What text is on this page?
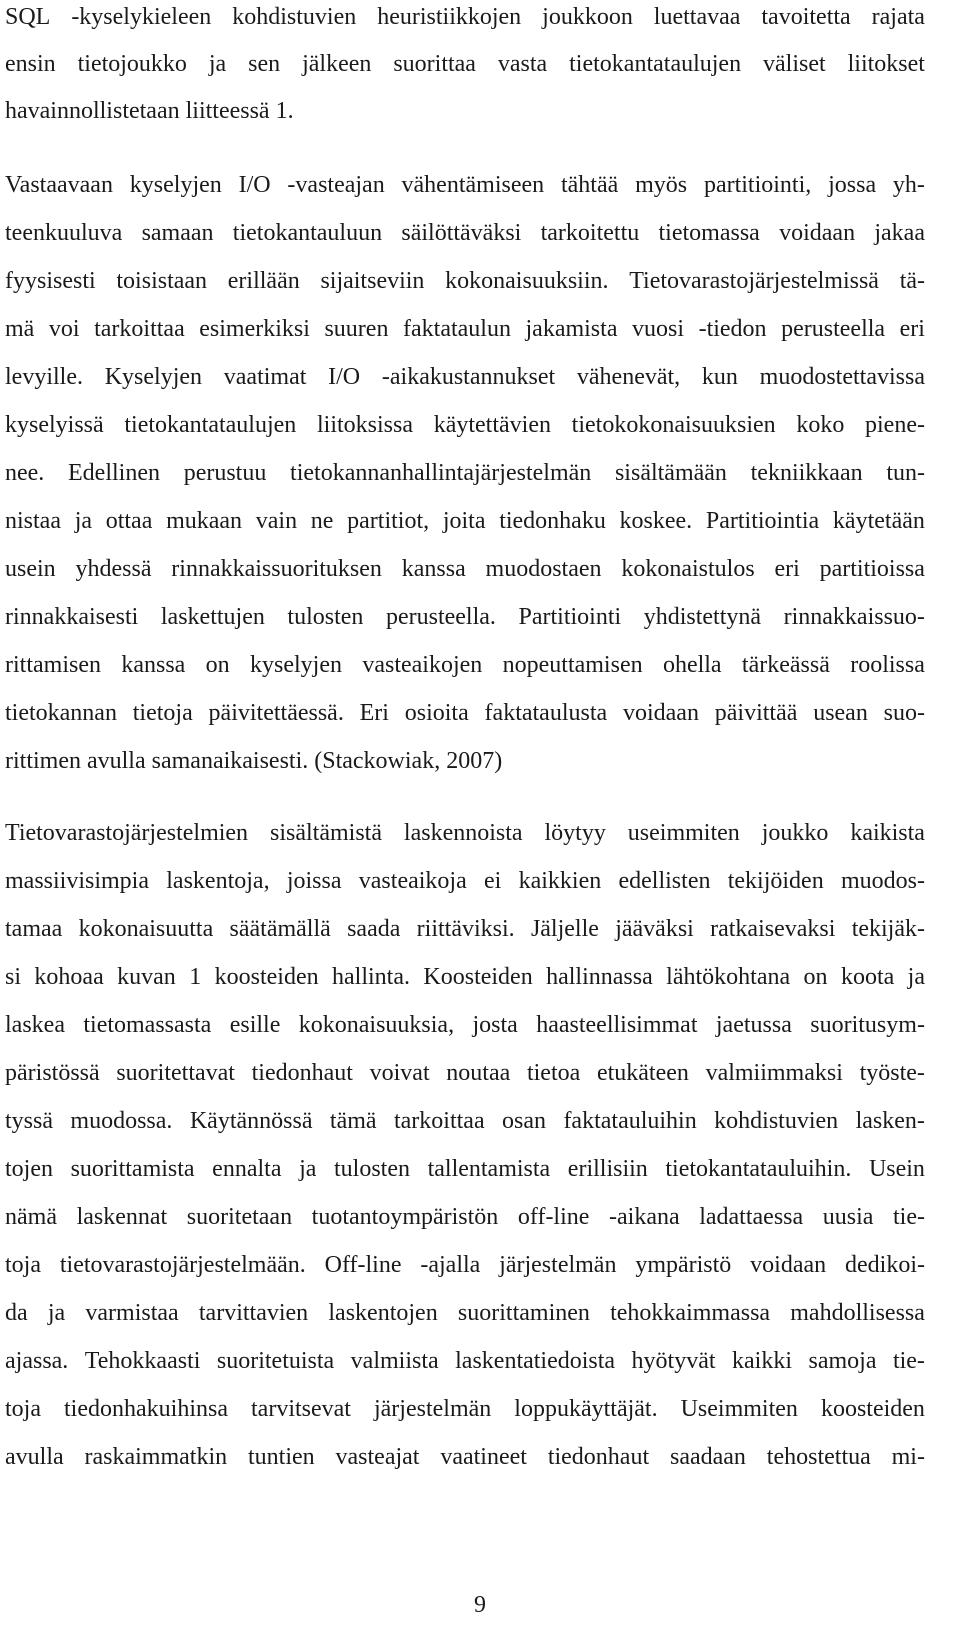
SQL -kyselykieleen kohdistuvien heuristiikkojen joukkoon luettavaa tavoitetta rajata
ensin tietojoukko ja sen jälkeen suorittaa vasta tietokantataulujen väliset liitokset
havainnollistetaan liitteessä 1.
Vastaavaan kyselyjen I/O -vasteajan vähentämiseen tähtää myös partitiointi, jossa yh-
teenkuuluva samaan tietokantauluun säilöttäväksi tarkoitettu tietomassa voidaan jakaa
fyysisesti toisistaan erillään sijaitseviin kokonaisuuksiin. Tietovarastojärjestelmissä tä-
mä voi tarkoittaa esimerkiksi suuren faktataulun jakamista vuosi -tiedon perusteella eri
levyille. Kyselyjen vaatimat I/O -aikakustannukset vähenevät, kun muodostettavissa
kyselyissä tietokantataulujen liitoksissa käytettävien tietokokonaisuuksien koko piene-
nee. Edellinen perustuu tietokannanhallintajärjestelmän sisältämään tekniikkaan tun-
nistaa ja ottaa mukaan vain ne partitiot, joita tiedonhaku koskee. Partitiointia käytetään
usein yhdessä rinnakkaissuorituksen kanssa muodostaen kokonaistulos eri partitioissa
rinnakkaisesti laskettujen tulosten perusteella. Partitiointi yhdistettynä rinnakkaissuo-
rittamisen kanssa on kyselyjen vasteaikojen nopeuttamisen ohella tärkeässä roolissa
tietokannan tietoja päivitettäessä. Eri osioita faktataulusta voidaan päivittää usean suo-
rittimen avulla samanaikaisesti. (Stackowiak, 2007)
Tietovarastojärjestelmien sisältämistä laskennoista löytyy useimmiten joukko kaikista
massiivisimpia laskentoja, joissa vasteaikoja ei kaikkien edellisten tekijöiden muodos-
tamaa kokonaisuutta säätämällä saada riittäviksi. Jäljelle jääväksi ratkaisevaksi tekijäk-
si kohoaa kuvan 1 koosteiden hallinta. Koosteiden hallinnassa lähtökohtana on koota ja
laskea tietomassasta esille kokonaisuuksia, josta haasteellisimmat jaetussa suoritusym-
päristössä suoritettavat tiedonhaut voivat noutaa tietoa etukäteen valmiimmaksi työste-
tyssä muodossa. Käytännössä tämä tarkoittaa osan faktatauluihin kohdistuvien lasken-
tojen suorittamista ennalta ja tulosten tallentamista erillisiin tietokantatauluihin. Usein
nämä laskennat suoritetaan tuotantoympäristön off-line -aikana ladattaessa uusia tie-
toja tietovarastojärjestelmään. Off-line -ajalla järjestelmän ympäristö voidaan dedikoi-
da ja varmistaa tarvittavien laskentojen suorittaminen tehokkaimmassa mahdollisessa
ajassa. Tehokkaasti suoritetuista valmiista laskentatiedoista hyötyvät kaikki samoja tie-
toja tiedonhakuihinsa tarvitsevat järjestelmän loppukäyttäjät. Useimmiten koosteiden
avulla raskaimmatkin tuntien vasteajat vaatineet tiedonhaut saadaan tehostettua mi-
9
